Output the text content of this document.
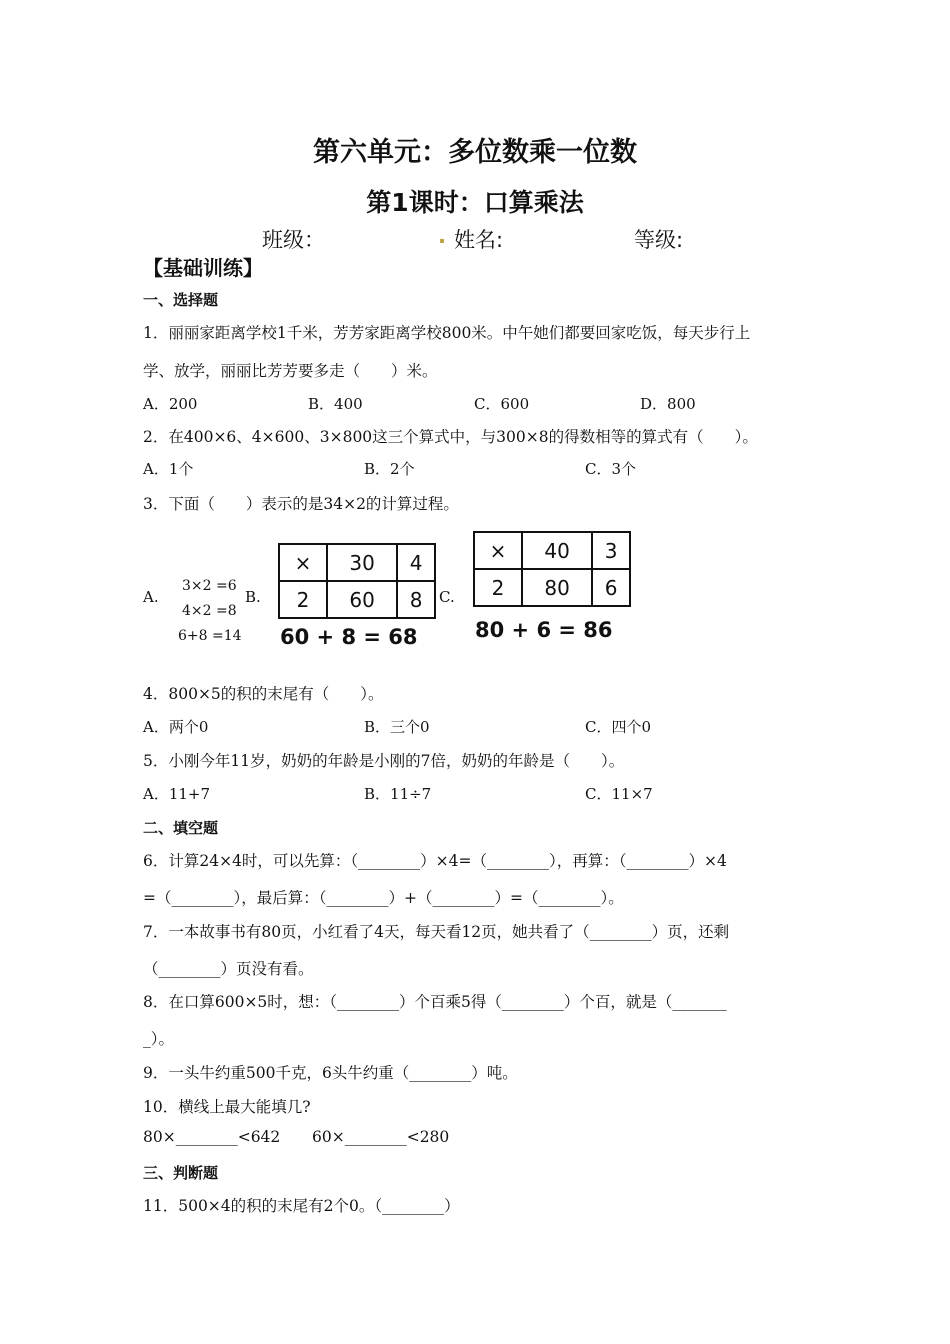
第六单元：多位数乘一位数
第1课时：口算乘法
班级：	. 姓名:	等级:
【基础训练】
一、选择题
1．丽丽家距离学校1千米，芳芳家距离学校800米。中午她们都要回家吃饭，每天步行上
学、放学，丽丽比芳芳要多走（　　）米。
A．200	B．400	C．600	D．800
2．在400×6、4×600、3×800这三个算式中，与300×8的得数相等的算式有（　　）。
A．1个	B．2个	C．3个
3．下面（　　）表示的是34×2的计算过程。
A.
3×2 =6
4×2 =8
6+8 =14
B.
×	30	4
2	60	8
60 + 8 = 68
C.
×	40	3
2	80	6
80 + 6 = 86
4．800×5的积的末尾有（　　）。
A．两个0	B．三个0	C．四个0
5．小刚今年11岁，奶奶的年龄是小刚的7倍，奶奶的年龄是（　　）。
A．11+7	B．11÷7	C．11×7
二、填空题
6．计算24×4时，可以先算：（________）×4=（________），再算：（________）×4
=（________），最后算：（________）+（________）=（________）。
7．一本故事书有80页，小红看了4天，每天看12页，她共看了（________）页，还剩
（________）页没有看。
8．在口算600×5时，想：（________）个百乘5得（________）个百，就是（_______
_）。
9．一头牛约重500千克，6头牛约重（________）吨。
10．横线上最大能填几?
80×________<642 60×________<280
三、判断题
11．500×4的积的末尾有2个0。（________）
